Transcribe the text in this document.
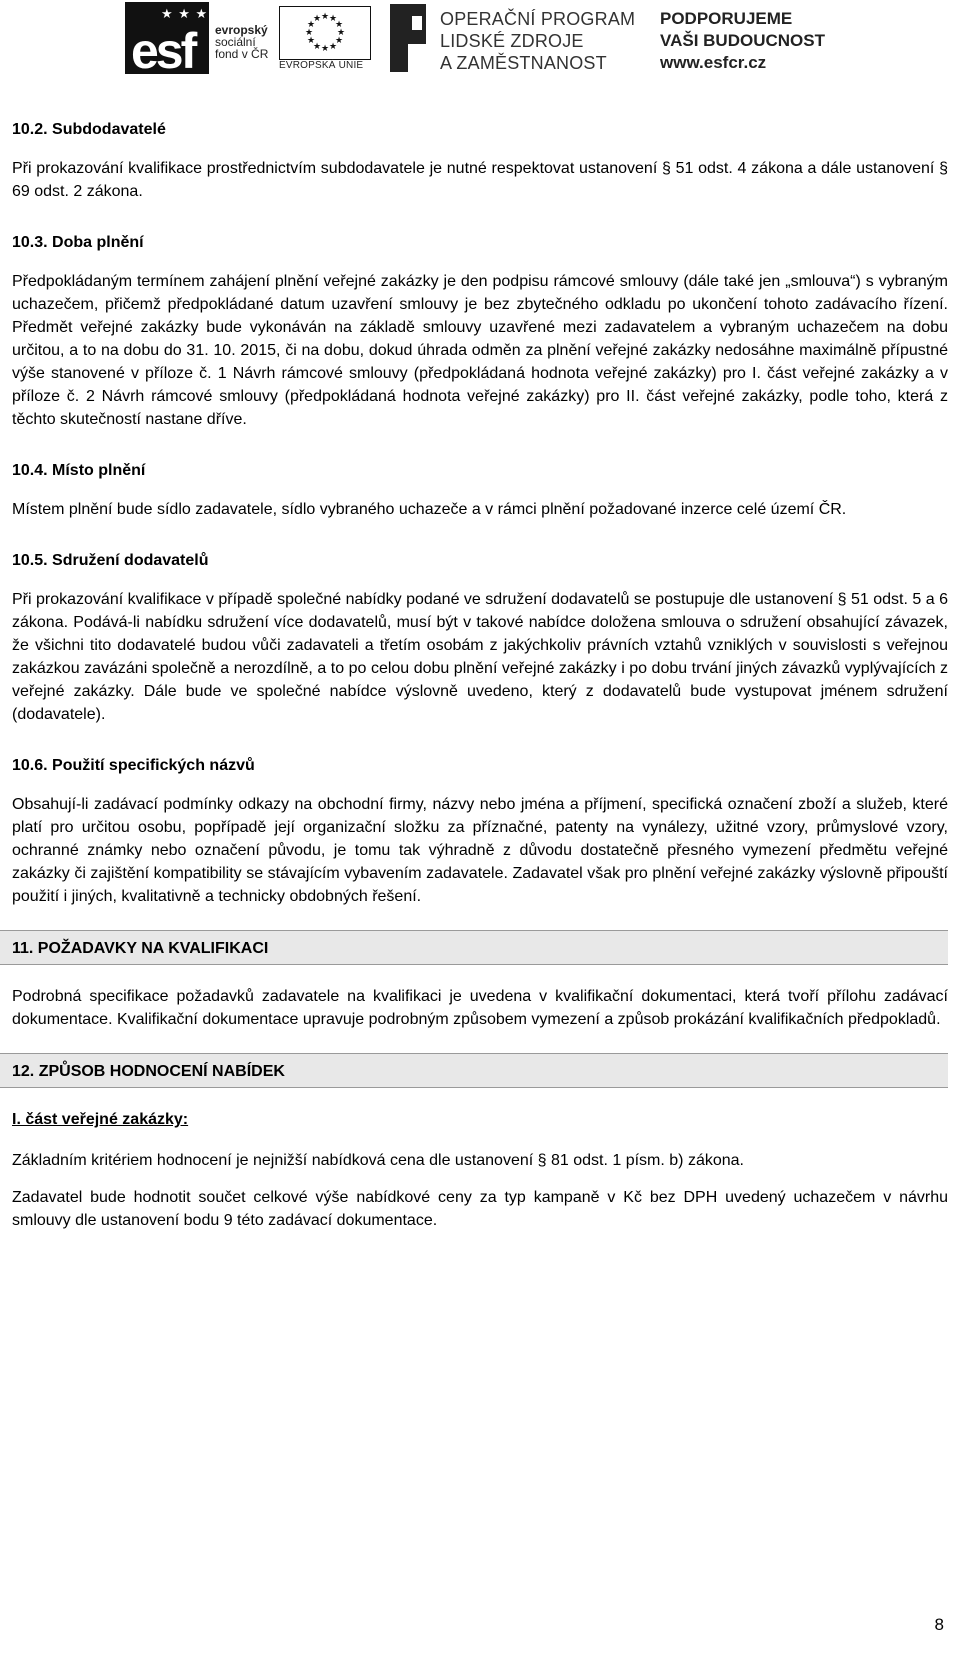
★ ★ ★
esf evropský
sociální
fond v ČR
★ ★
★
★
★
★
★
★
★
★
★
★
EVROPSKÁ UNIE
OPERAČNÍ PROGRAM
LIDSKÉ ZDROJE
A ZAMĚSTNANOST
PODPORUJEME
VAŠI BUDOUCNOST
www.esfcr.cz
10.2. Subdodavatelé
Při prokazování kvalifikace prostřednictvím subdodavatele je nutné respektovat ustanovení § 51 odst. 4 zákona a dále ustanovení § 69 odst. 2 zákona.
10.3. Doba plnění
Předpokládaným termínem zahájení plnění veřejné zakázky je den podpisu rámcové smlouvy (dále také jen „smlouva“) s vybraným uchazečem, přičemž předpokládané datum uzavření smlouvy je bez zbytečného odkladu po ukončení tohoto zadávacího řízení. Předmět veřejné zakázky bude vykonáván na základě smlouvy uzavřené mezi zadavatelem a vybraným uchazečem na dobu určitou, a to na dobu do 31. 10. 2015, či na dobu, dokud úhrada odměn za plnění veřejné zakázky nedosáhne maximálně přípustné výše stanovené v příloze č. 1 Návrh rámcové smlouvy (předpokládaná hodnota veřejné zakázky) pro I. část veřejné zakázky a v příloze č. 2 Návrh rámcové smlouvy (předpokládaná hodnota veřejné zakázky) pro II. část veřejné zakázky, podle toho, která z těchto skutečností nastane dříve.
10.4. Místo plnění
Místem plnění bude sídlo zadavatele, sídlo vybraného uchazeče a v rámci plnění požadované inzerce celé území ČR.
10.5. Sdružení dodavatelů
Při prokazování kvalifikace v případě společné nabídky podané ve sdružení dodavatelů se postupuje dle ustanovení § 51 odst. 5 a 6 zákona. Podává-li nabídku sdružení více dodavatelů, musí být v takové nabídce doložena smlouva o sdružení obsahující závazek, že všichni tito dodavatelé budou vůči zadavateli a třetím osobám z jakýchkoliv právních vztahů vzniklých v souvislosti s veřejnou zakázkou zavázáni společně a nerozdílně, a to po celou dobu plnění veřejné zakázky i po dobu trvání jiných závazků vyplývajících z veřejné zakázky. Dále bude ve společné nabídce výslovně uvedeno, který z dodavatelů bude vystupovat jménem sdružení (dodavatele).
10.6. Použití specifických názvů
Obsahují-li zadávací podmínky odkazy na obchodní firmy, názvy nebo jména a příjmení, specifická označení zboží a služeb, které platí pro určitou osobu, popřípadě její organizační složku za příznačné, patenty na vynálezy, užitné vzory, průmyslové vzory, ochranné známky nebo označení původu, je tomu tak výhradně z důvodu dostatečně přesného vymezení předmětu veřejné zakázky či zajištění kompatibility se stávajícím vybavením zadavatele. Zadavatel však pro plnění veřejné zakázky výslovně připouští použití i jiných, kvalitativně a technicky obdobných řešení.
11. POŽADAVKY NA KVALIFIKACI
Podrobná specifikace požadavků zadavatele na kvalifikaci je uvedena v kvalifikační dokumentaci, která tvoří přílohu zadávací dokumentace. Kvalifikační dokumentace upravuje podrobným způsobem vymezení a způsob prokázání kvalifikačních předpokladů.
12. ZPŮSOB HODNOCENÍ NABÍDEK
I. část veřejné zakázky:
Základním kritériem hodnocení je nejnižší nabídková cena dle ustanovení § 81 odst. 1 písm. b) zákona.
Zadavatel bude hodnotit součet celkové výše nabídkové ceny za typ kampaně v Kč bez DPH uvedený uchazečem v návrhu smlouvy dle ustanovení bodu 9 této zadávací dokumentace.
8
